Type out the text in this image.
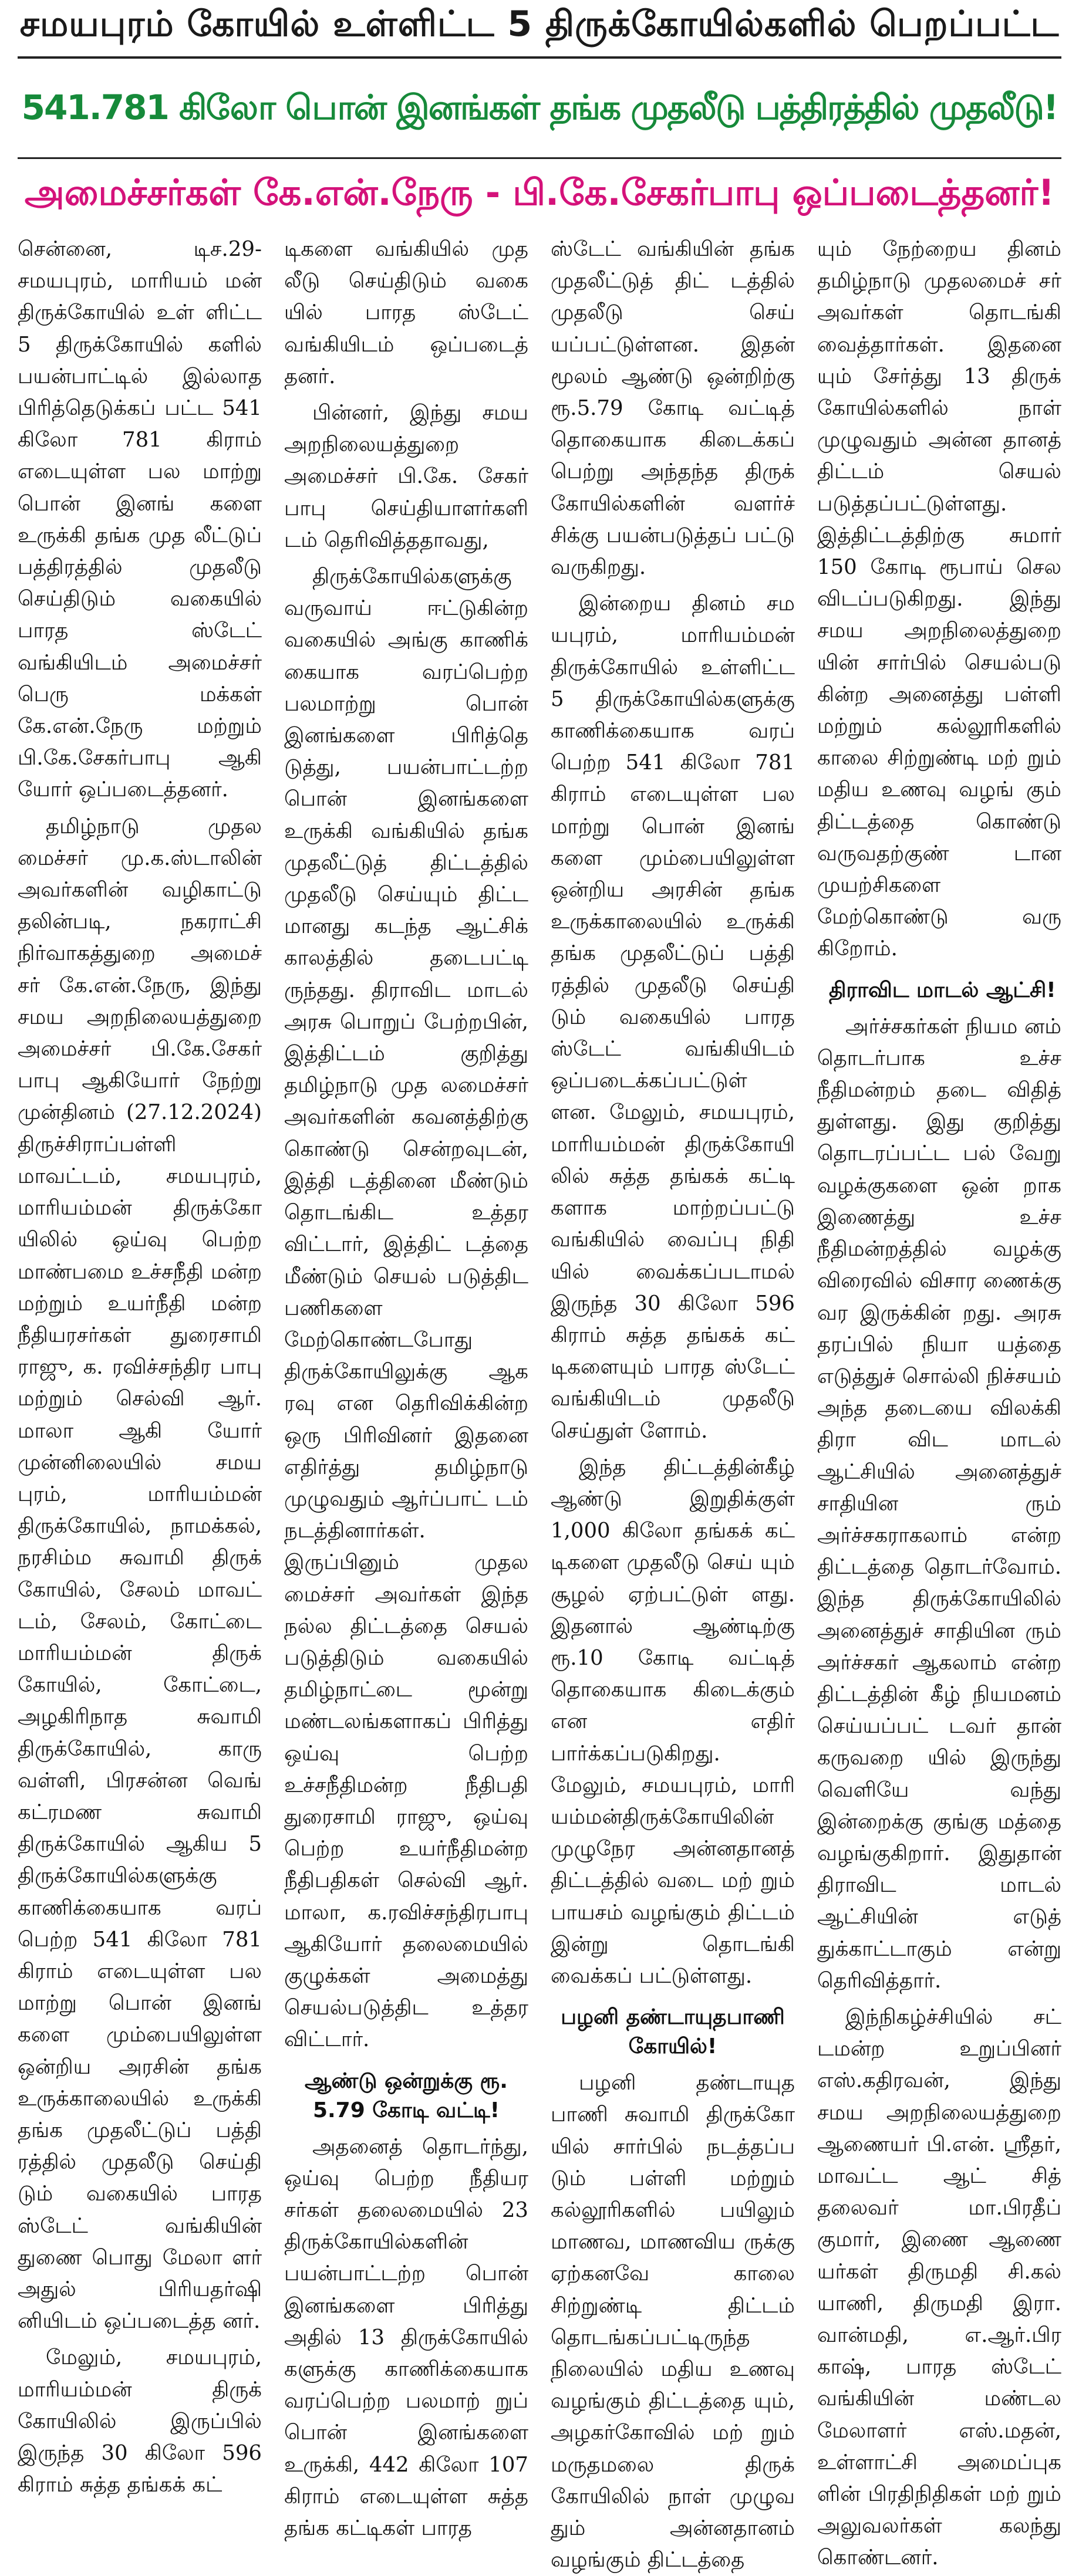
சமயபுரம் கோயில் உள்ளிட்ட 5 திருக்கோயில்களில் பெறப்பட்ட
541.781 கிலோ பொன் இனங்கள் தங்க முதலீடு பத்திரத்தில் முதலீடு!
அமைச்சர்கள் கே.என்.நேரு - பி.கே.சேகர்பாபு ஒப்படைத்தனர்!

சென்னை, டிச.29- சமயபுரம், மாரியம் மன் திருக்கோயில் உள் ளிட்ட 5 திருக்கோயில் களில் பயன்பாட்டில் இல்லாத பிரித்தெடுக்கப் பட்ட 541 கிலோ 781 கிராம் எடையுள்ள பல மாற்று பொன் இனங் களை உருக்கி தங்க முத லீட்டுப் பத்திரத்தில் முதலீடு செய்திடும் வகையில் பாரத ஸ்டேட் வங்கியிடம் அமைச்சர் பெரு மக்கள் கே.என்.நேரு மற்றும் பி.கே.சேகர்பாபு ஆகி யோர் ஒப்படைத்தனர்.

தமிழ்நாடு முதல மைச்சர் மு.க.ஸ்டாலின் அவர்களின் வழிகாட்டு தலின்படி, நகராட்சி நிர்வாகத்துறை அமைச் சர் கே.என்.நேரு, இந்து சமய அறநிலையத்துறை அமைச்சர் பி.கே.சேகர் பாபு ஆகியோர் நேற்று முன்தினம் (27.12.2024) திருச்சிராப்பள்ளி மாவட்டம், சமயபுரம், மாரியம்மன் திருக்கோ யிலில் ஒய்வு பெற்ற மாண்பமை உச்சநீதி மன்ற மற்றும் உயர்நீதி மன்ற நீதியரசர்கள் துரைசாமி ராஜு, க. ரவிச்சந்திர பாபு மற்றும் செல்வி ஆர். மாலா ஆகி யோர் முன்னிலையில் சமய புரம், மாரியம்மன் திருக்கோயில், நாமக்கல், நரசிம்ம சுவாமி திருக் கோயில், சேலம் மாவட் டம், சேலம், கோட்டை மாரியம்மன் திருக் கோயில், கோட்டை, அழகிரிநாத சுவாமி திருக்கோயில், காரு வள்ளி, பிரசன்ன வெங் கட்ரமண சுவாமி திருக்கோயில் ஆகிய 5 திருக்கோயில்களுக்கு காணிக்கையாக வரப் பெற்ற 541 கிலோ 781 கிராம் எடையுள்ள பல மாற்று பொன் இனங் களை மும்பையிலுள்ள ஒன்றிய அரசின் தங்க உருக்காலையில் உருக்கி தங்க முதலீட்டுப் பத்தி ரத்தில் முதலீடு செய்தி டும் வகையில் பாரத ஸ்டேட் வங்கியின் துணை பொது மேலா ளர் அதுல் பிரியதர்ஷி னியிடம் ஒப்படைத்த னர்.

மேலும், சமயபுரம், மாரியம்மன் திருக் கோயிலில் இருப்பில் இருந்த 30 கிலோ 596 கிராம் சுத்த தங்கக் கட்

டிகளை வங்கியில் முத லீடு செய்திடும் வகை யில் பாரத ஸ்டேட் வங்கியிடம் ஒப்படைத் தனர்.

பின்னர், இந்து சமய அறநிலையத்துறை அமைச்சர் பி.கே. சேகர் பாபு செய்தியாளர்களி டம் தெரிவித்ததாவது,

திருக்கோயில்களுக்கு வருவாய் ஈட்டுகின்ற வகையில் அங்கு காணிக் கையாக வரப்பெற்ற பலமாற்று பொன் இனங்களை பிரித்தெ டுத்து, பயன்பாட்டற்ற பொன் இனங்களை உருக்கி வங்கியில் தங்க முதலீட்டுத் திட்டத்தில் முதலீடு செய்யும் திட்ட மானது கடந்த ஆட்சிக் காலத்தில் தடைபட்டி ருந்தது. திராவிட மாடல் அரசு பொறுப் பேற்றபின், இத்திட்டம் குறித்து தமிழ்நாடு முத லமைச்சர் அவர்களின் கவனத்திற்கு கொண்டு சென்றவுடன், இத்தி டத்தினை மீண்டும் தொடங்கிட உத்தர விட்டார், இத்திட் டத்தை மீண்டும் செயல் படுத்திட பணிகளை மேற்கொண்டபோது திருக்கோயிலுக்கு ஆக ரவு என தெரிவிக்கின்ற ஒரு பிரிவினர் இதனை எதிர்த்து தமிழ்நாடு முழுவதும் ஆர்ப்பாட் டம் நடத்தினார்கள். இருப்பினும் முதல மைச்சர் அவர்கள் இந்த நல்ல திட்டத்தை செயல் படுத்திடும் வகையில் தமிழ்நாட்டை மூன்று மண்டலங்களாகப் பிரித்து ஒய்வு பெற்ற உச்சநீதிமன்ற நீதிபதி துரைசாமி ராஜு, ஒய்வு பெற்ற உயர்நீதிமன்ற நீதிபதிகள் செல்வி ஆர். மாலா, க.ரவிச்சந்திரபாபு ஆகியோர் தலைமையில் குழுக்கள் அமைத்து செயல்படுத்திட உத்தர விட்டார்.

ஆண்டு ஒன்றுக்கு ரூ. 5.79 கோடி வட்டி!

அதனைத் தொடர்ந்து, ஒய்வு பெற்ற நீதியர சர்கள் தலைமையில் 23 திருக்கோயில்களின் பயன்பாட்டற்ற பொன் இனங்களை பிரித்து அதில் 13 திருக்கோயில் களுக்கு காணிக்கையாக வரப்பெற்ற பலமாற் றுப் பொன் இனங்களை உருக்கி, 442 கிலோ 107 கிராம் எடையுள்ள சுத்த தங்க கட்டிகள் பாரத

ஸ்டேட் வங்கியின் தங்க முதலீட்டுத் திட் டத்தில் முதலீடு செய் யப்பட்டுள்ளன. இதன் மூலம் ஆண்டு ஒன்றிற்கு ரூ.5.79 கோடி வட்டித் தொகையாக கிடைக்கப் பெற்று அந்தந்த திருக் கோயில்களின் வளர்ச் சிக்கு பயன்படுத்தப் பட்டு வருகிறது.

இன்றைய தினம் சம யபுரம், மாரியம்மன் திருக்கோயில் உள்ளிட்ட 5 திருக்கோயில்களுக்கு காணிக்கையாக வரப் பெற்ற 541 கிலோ 781 கிராம் எடையுள்ள பல மாற்று பொன் இனங் களை மும்பையிலுள்ள ஒன்றிய அரசின் தங்க உருக்காலையில் உருக்கி தங்க முதலீட்டுப் பத்தி ரத்தில் முதலீடு செய்தி டும் வகையில் பாரத ஸ்டேட் வங்கியிடம் ஒப்படைக்கப்பட்டுள் ளன. மேலும், சமயபுரம், மாரியம்மன் திருக்கோயி லில் சுத்த தங்கக் கட்டி களாக மாற்றப்பட்டு வங்கியில் வைப்பு நிதி யில் வைக்கப்படாமல் இருந்த 30 கிலோ 596 கிராம் சுத்த தங்கக் கட் டிகளையும் பாரத ஸ்டேட் வங்கியிடம் முதலீடு செய்துள் ளோம்.

இந்த திட்டத்தின்கீழ் ஆண்டு இறுதிக்குள் 1,000 கிலோ தங்கக் கட் டிகளை முதலீடு செய் யும் சூழல் ஏற்பட்டுள் ளது. இதனால் ஆண்டிற்கு ரூ.10 கோடி வட்டித் தொகையாக கிடைக்கும் என எதிர் பார்க்கப்படுகிறது. மேலும், சமயபுரம், மாரி யம்மன்திருக்கோயிலின் முழுநேர அன்னதானத் திட்டத்தில் வடை மற் றும் பாயசம் வழங்கும் திட்டம் இன்று தொடங்கி வைக்கப் பட்டுள்ளது.

பழனி தண்டாயுதபாணி கோயில்!

பழனி தண்டாயுத பாணி சுவாமி திருக்கோ யில் சார்பில் நடத்தப்ப டும் பள்ளி மற்றும் கல்லூரிகளில் பயிலும் மாணவ, மாணவிய ருக்கு ஏற்கனவே காலை சிற்றுண்டி திட்டம் தொடங்கப்பட்டிருந்த நிலையில் மதிய உணவு வழங்கும் திட்டத்தை யும், அழகர்கோவில் மற் றும் மருதமலை திருக் கோயிலில் நாள் முழுவ தும் அன்னதானம் வழங்கும் திட்டத்தை

யும் நேற்றைய தினம் தமிழ்நாடு முதலமைச் சர் அவர்கள் தொடங்கி வைத்தார்கள். இதனை யும் சேர்த்து 13 திருக் கோயில்களில் நாள் முழுவதும் அன்ன தானத் திட்டம் செயல் படுத்தப்பட்டுள்ளது. இத்திட்டத்திற்கு சுமார் 150 கோடி ரூபாய் செல விடப்படுகிறது. இந்து சமய அறநிலைத்துறை யின் சார்பில் செயல்படு கின்ற அனைத்து பள்ளி மற்றும் கல்லூரிகளில் காலை சிற்றுண்டி மற் றும் மதிய உணவு வழங் கும் திட்டத்தை கொண்டு வருவதற்குண் டான முயற்சிகளை மேற்கொண்டு வரு கிறோம்.

திராவிட மாடல் ஆட்சி!

அர்ச்சகர்கள் நியம னம் தொடர்பாக உச்ச நீதிமன்றம் தடை விதித் துள்ளது. இது குறித்து தொடரப்பட்ட பல் வேறு வழக்குகளை ஒன் றாக இணைத்து உச்ச நீதிமன்றத்தில் வழக்கு விரைவில் விசார ணைக்கு வர இருக்கின் றது. அரசு தரப்பில் நியா யத்தை எடுத்துச் சொல்லி நிச்சயம் அந்த தடையை விலக்கி திரா விட மாடல் ஆட்சியில் அனைத்துச் சாதியின ரும் அர்ச்சகராகலாம் என்ற திட்டத்தை தொடர்வோம். இந்த திருக்கோயிலில் அனைத்துச் சாதியின ரும் அர்ச்சகர் ஆகலாம் என்ற திட்டத்தின் கீழ் நியமனம் செய்யப்பட் டவர் தான் கருவறை யில் இருந்து வெளியே வந்து இன்றைக்கு குங்கு மத்தை வழங்குகிறார். இதுதான் திராவிட மாடல் ஆட்சியின் எடுத் துக்காட்டாகும் என்று தெரிவித்தார்.

இந்நிகழ்ச்சியில் சட் டமன்ற உறுப்பினர் எஸ்.கதிரவன், இந்து சமய அறநிலையத்துறை ஆணையர் பி.என். ஸ்ரீதர், மாவட்ட ஆட் சித் தலைவர் மா.பிரதீப் குமார், இணை ஆணை யர்கள் திருமதி சி.கல் யாணி, திருமதி இரா. வான்மதி, எ.ஆர்.பிர காஷ், பாரத ஸ்டேட் வங்கியின் மண்டல மேலாளர் எஸ்.மதன், உள்ளாட்சி அமைப்புக ளின் பிரதிநிதிகள் மற் றும் அலுவலர்கள் கலந்து கொண்டனர்.
